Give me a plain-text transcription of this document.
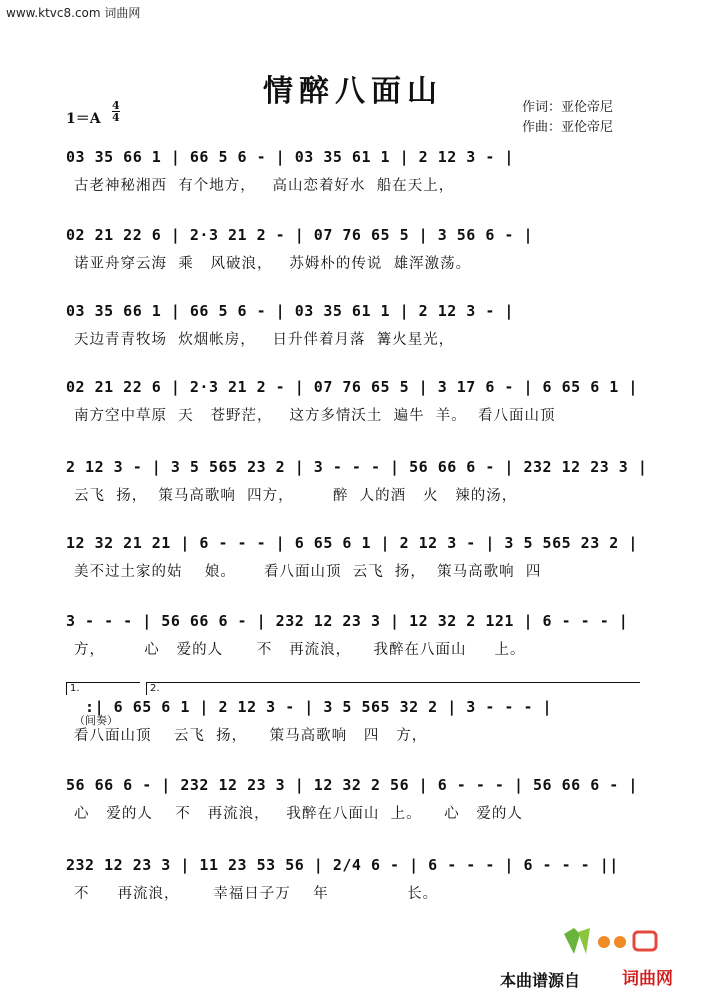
www.ktvc8.com 词曲网
情醉八面山
1＝A
4
4
作词：亚伦帝尼
作曲：亚伦帝尼
03 35 66 1 | 66 5 6 - | 03 35 61 1 | 2 12 3 - |
古老神秘湘西  有个地方，   高山恋着好水  船在天上，
02 21 22 6 | 2·3 21 2 - | 07 76 65 5 | 3 56 6 - |
诺亚舟穿云海  乘   风破浪，   苏姆朴的传说  雄浑激荡。
03 35 66 1 | 66 5 6 - | 03 35 61 1 | 2 12 3 - |
天边青青牧场  炊烟帐房，   日升伴着月落  篝火星光，
02 21 22 6 | 2·3 21 2 - | 07 76 65 5 | 3 17 6 - | 6 65 6 1 |
南方空中草原  天   苍野茫，   这方多情沃土  遍牛  羊。  看八面山顶
2 12 3 - | 3 5 565 23 2 | 3 - - - | 56 66 6 - | 232 12 23 3 |
云飞  扬，  策马高歌响  四方，       醉  人的酒   火   辣的汤，
12 32 21 21 | 6 - - - | 6 65 6 1 | 2 12 3 - | 3 5 565 23 2 |
美不过土家的姑    娘。     看八面山顶  云飞  扬，  策马高歌响  四
3 - - - | 56 66 6 - | 232 12 23 3 | 12 32 2 121 | 6 - - - |
方，       心   爱的人      不   再流浪，    我醉在八面山     上。
:| 6 65 6 1 | 2 12 3 - | 3 5 565 32 2 | 3 - - - |
看八面山顶    云飞  扬，    策马高歌响   四   方，
1.	2.
（间奏）
56 66 6 - | 232 12 23 3 | 12 32 2 56 | 6 - - - | 56 66 6 - |
心   爱的人    不   再流浪，   我醉在八面山  上。    心   爱的人
232 12 23 3 | 11 23 53 56 | 2/4 6 - | 6 - - - | 6 - - - ||
不     再流浪，      幸福日子万    年              长。
本曲谱源自 词曲网
